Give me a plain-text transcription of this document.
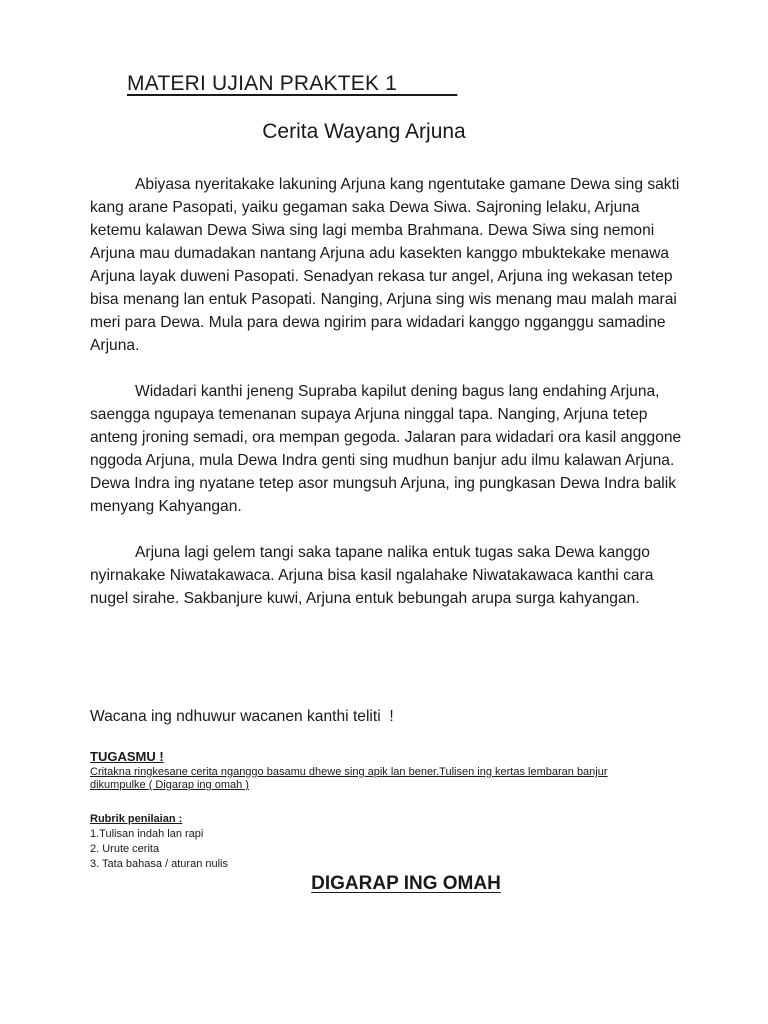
MATERI UJIAN PRAKTEK 1
Cerita Wayang Arjuna

Abiyasa nyeritakake lakuning Arjuna kang ngentutake gamane Dewa sing sakti kang arane Pasopati, yaiku gegaman saka Dewa Siwa. Sajroning lelaku, Arjuna ketemu kalawan Dewa Siwa sing lagi memba Brahmana. Dewa Siwa sing nemoni Arjuna mau dumadakan nantang Arjuna adu kasekten kanggo mbuktekake menawa Arjuna layak duweni Pasopati. Senadyan rekasa tur angel, Arjuna ing wekasan tetep bisa menang lan entuk Pasopati. Nanging, Arjuna sing wis menang mau malah marai meri para Dewa. Mula para dewa ngirim para widadari kanggo ngganggu samadine Arjuna.

Widadari kanthi jeneng Supraba kapilut dening bagus lang endahing Arjuna, saengga ngupaya temenanan supaya Arjuna ninggal tapa. Nanging, Arjuna tetep anteng jroning semadi, ora mempan gegoda. Jalaran para widadari ora kasil anggone nggoda Arjuna, mula Dewa Indra genti sing mudhun banjur adu ilmu kalawan Arjuna. Dewa Indra ing nyatane tetep asor mungsuh Arjuna, ing pungkasan Dewa Indra balik menyang Kahyangan.

Arjuna lagi gelem tangi saka tapane nalika entuk tugas saka Dewa kanggo nyirnakake Niwatakawaca. Arjuna bisa kasil ngalahake Niwatakawaca kanthi cara nugel sirahe. Sakbanjure kuwi, Arjuna entuk bebungah arupa surga kahyangan.

Wacana ing ndhuwur wacanen kanthi teliti  !

TUGASMU !

Critakna ringkesane cerita nganggo basamu dhewe sing apik lan bener.Tulisen ing kertas lembaran banjur dikumpulke ( Digarap ing omah )

Rubrik penilaian :

1.Tulisan indah lan rapi
2. Urute cerita
3. Tata bahasa / aturan nulis
DIGARAP ING OMAH
